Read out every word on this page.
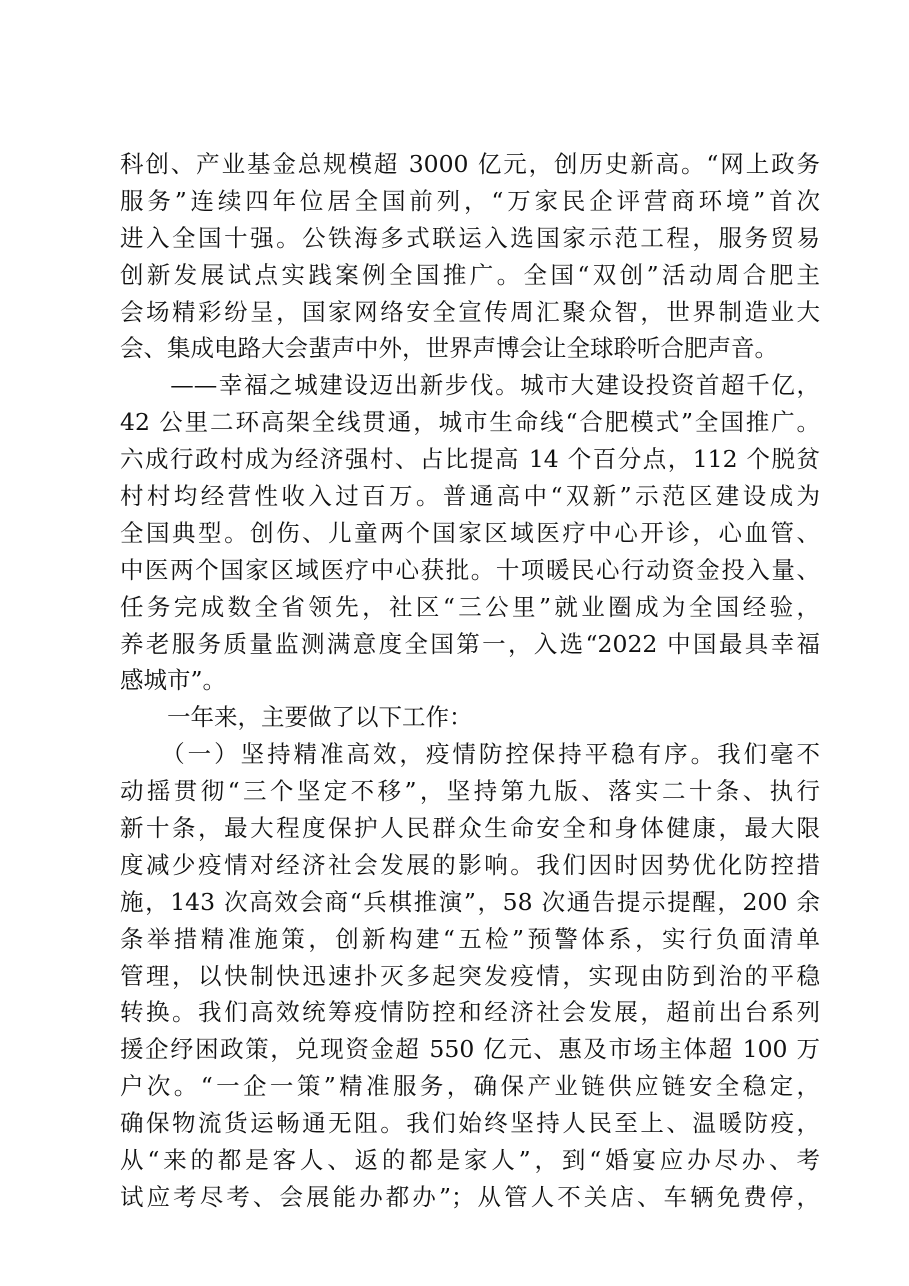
科创、产业基金总规模超 3000 亿元，创历史新高。“网上政务
服务”连续四年位居全国前列，“万家民企评营商环境”首次
进入全国十强。公铁海多式联运入选国家示范工程，服务贸易
创新发展试点实践案例全国推广。全国“双创”活动周合肥主
会场精彩纷呈，国家网络安全宣传周汇聚众智，世界制造业大
会、集成电路大会蜚声中外，世界声博会让全球聆听合肥声音。
　　——幸福之城建设迈出新步伐。城市大建设投资首超千亿，
42 公里二环高架全线贯通，城市生命线“合肥模式”全国推广。
六成行政村成为经济强村、占比提高 14 个百分点，112 个脱贫
村村均经营性收入过百万。普通高中“双新”示范区建设成为
全国典型。创伤、儿童两个国家区域医疗中心开诊，心血管、
中医两个国家区域医疗中心获批。十项暖民心行动资金投入量、
任务完成数全省领先，社区“三公里”就业圈成为全国经验，
养老服务质量监测满意度全国第一，入选“2022 中国最具幸福
感城市”。
　　一年来，主要做了以下工作：
　　（一）坚持精准高效，疫情防控保持平稳有序。我们毫不
动摇贯彻“三个坚定不移”，坚持第九版、落实二十条、执行
新十条，最大程度保护人民群众生命安全和身体健康，最大限
度减少疫情对经济社会发展的影响。我们因时因势优化防控措
施，143 次高效会商“兵棋推演”，58 次通告提示提醒，200 余
条举措精准施策，创新构建“五检”预警体系，实行负面清单
管理，以快制快迅速扑灭多起突发疫情，实现由防到治的平稳
转换。我们高效统筹疫情防控和经济社会发展，超前出台系列
援企纾困政策，兑现资金超 550 亿元、惠及市场主体超 100 万
户次。“一企一策”精准服务，确保产业链供应链安全稳定，
确保物流货运畅通无阻。我们始终坚持人民至上、温暖防疫，
从“来的都是客人、返的都是家人”，到“婚宴应办尽办、考
试应考尽考、会展能办都办”；从管人不关店、车辆免费停，
